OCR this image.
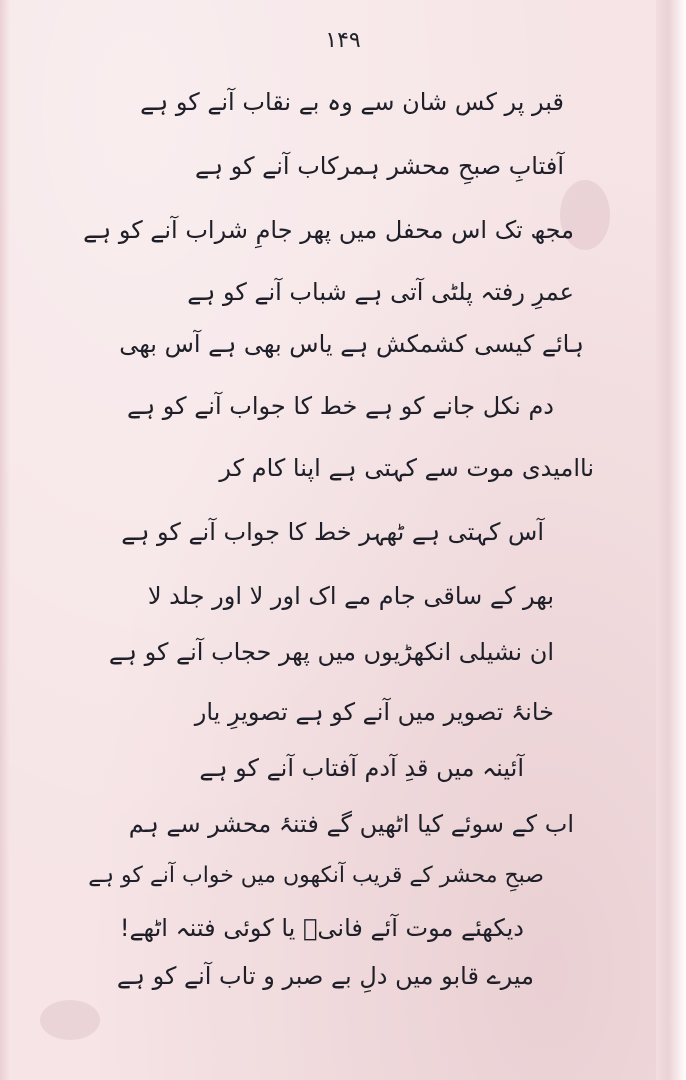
۱۴۹
قبر پر کس شان سے وہ بے نقاب آنے کو ہے
آفتابِ صبحِ محشر ہمرکاب آنے کو ہے
مجھ تک اس محفل میں پھر جامِ شراب آنے کو ہے
عمرِ رفتہ پلٹی آتی ہے شباب آنے کو ہے
ہائے کیسی کشمکش ہے یاس بھی ہے آس بھی
دم نکل جانے کو ہے خط کا جواب آنے کو ہے
ناامیدی موت سے کہتی ہے اپنا کام کر
آس کہتی ہے ٹھہر خط کا جواب آنے کو ہے
بھر کے ساقی جام مے اک اور لا اور جلد لا
ان نشیلی انکھڑیوں میں پھر حجاب آنے کو ہے
خانۂ تصویر میں آنے کو ہے تصویرِ یار
آئینہ میں قدِ آدم آفتاب آنے کو ہے
اب کے سوئے کیا اٹھیں گے فتنۂ محشر سے ہم
صبحِ محشر کے قریب آنکھوں میں خواب آنے کو ہے
دیکھئے موت آئے فانیؔ یا کوئی فتنہ اٹھے!
میرے قابو میں دلِ بے صبر و تاب آنے کو ہے
